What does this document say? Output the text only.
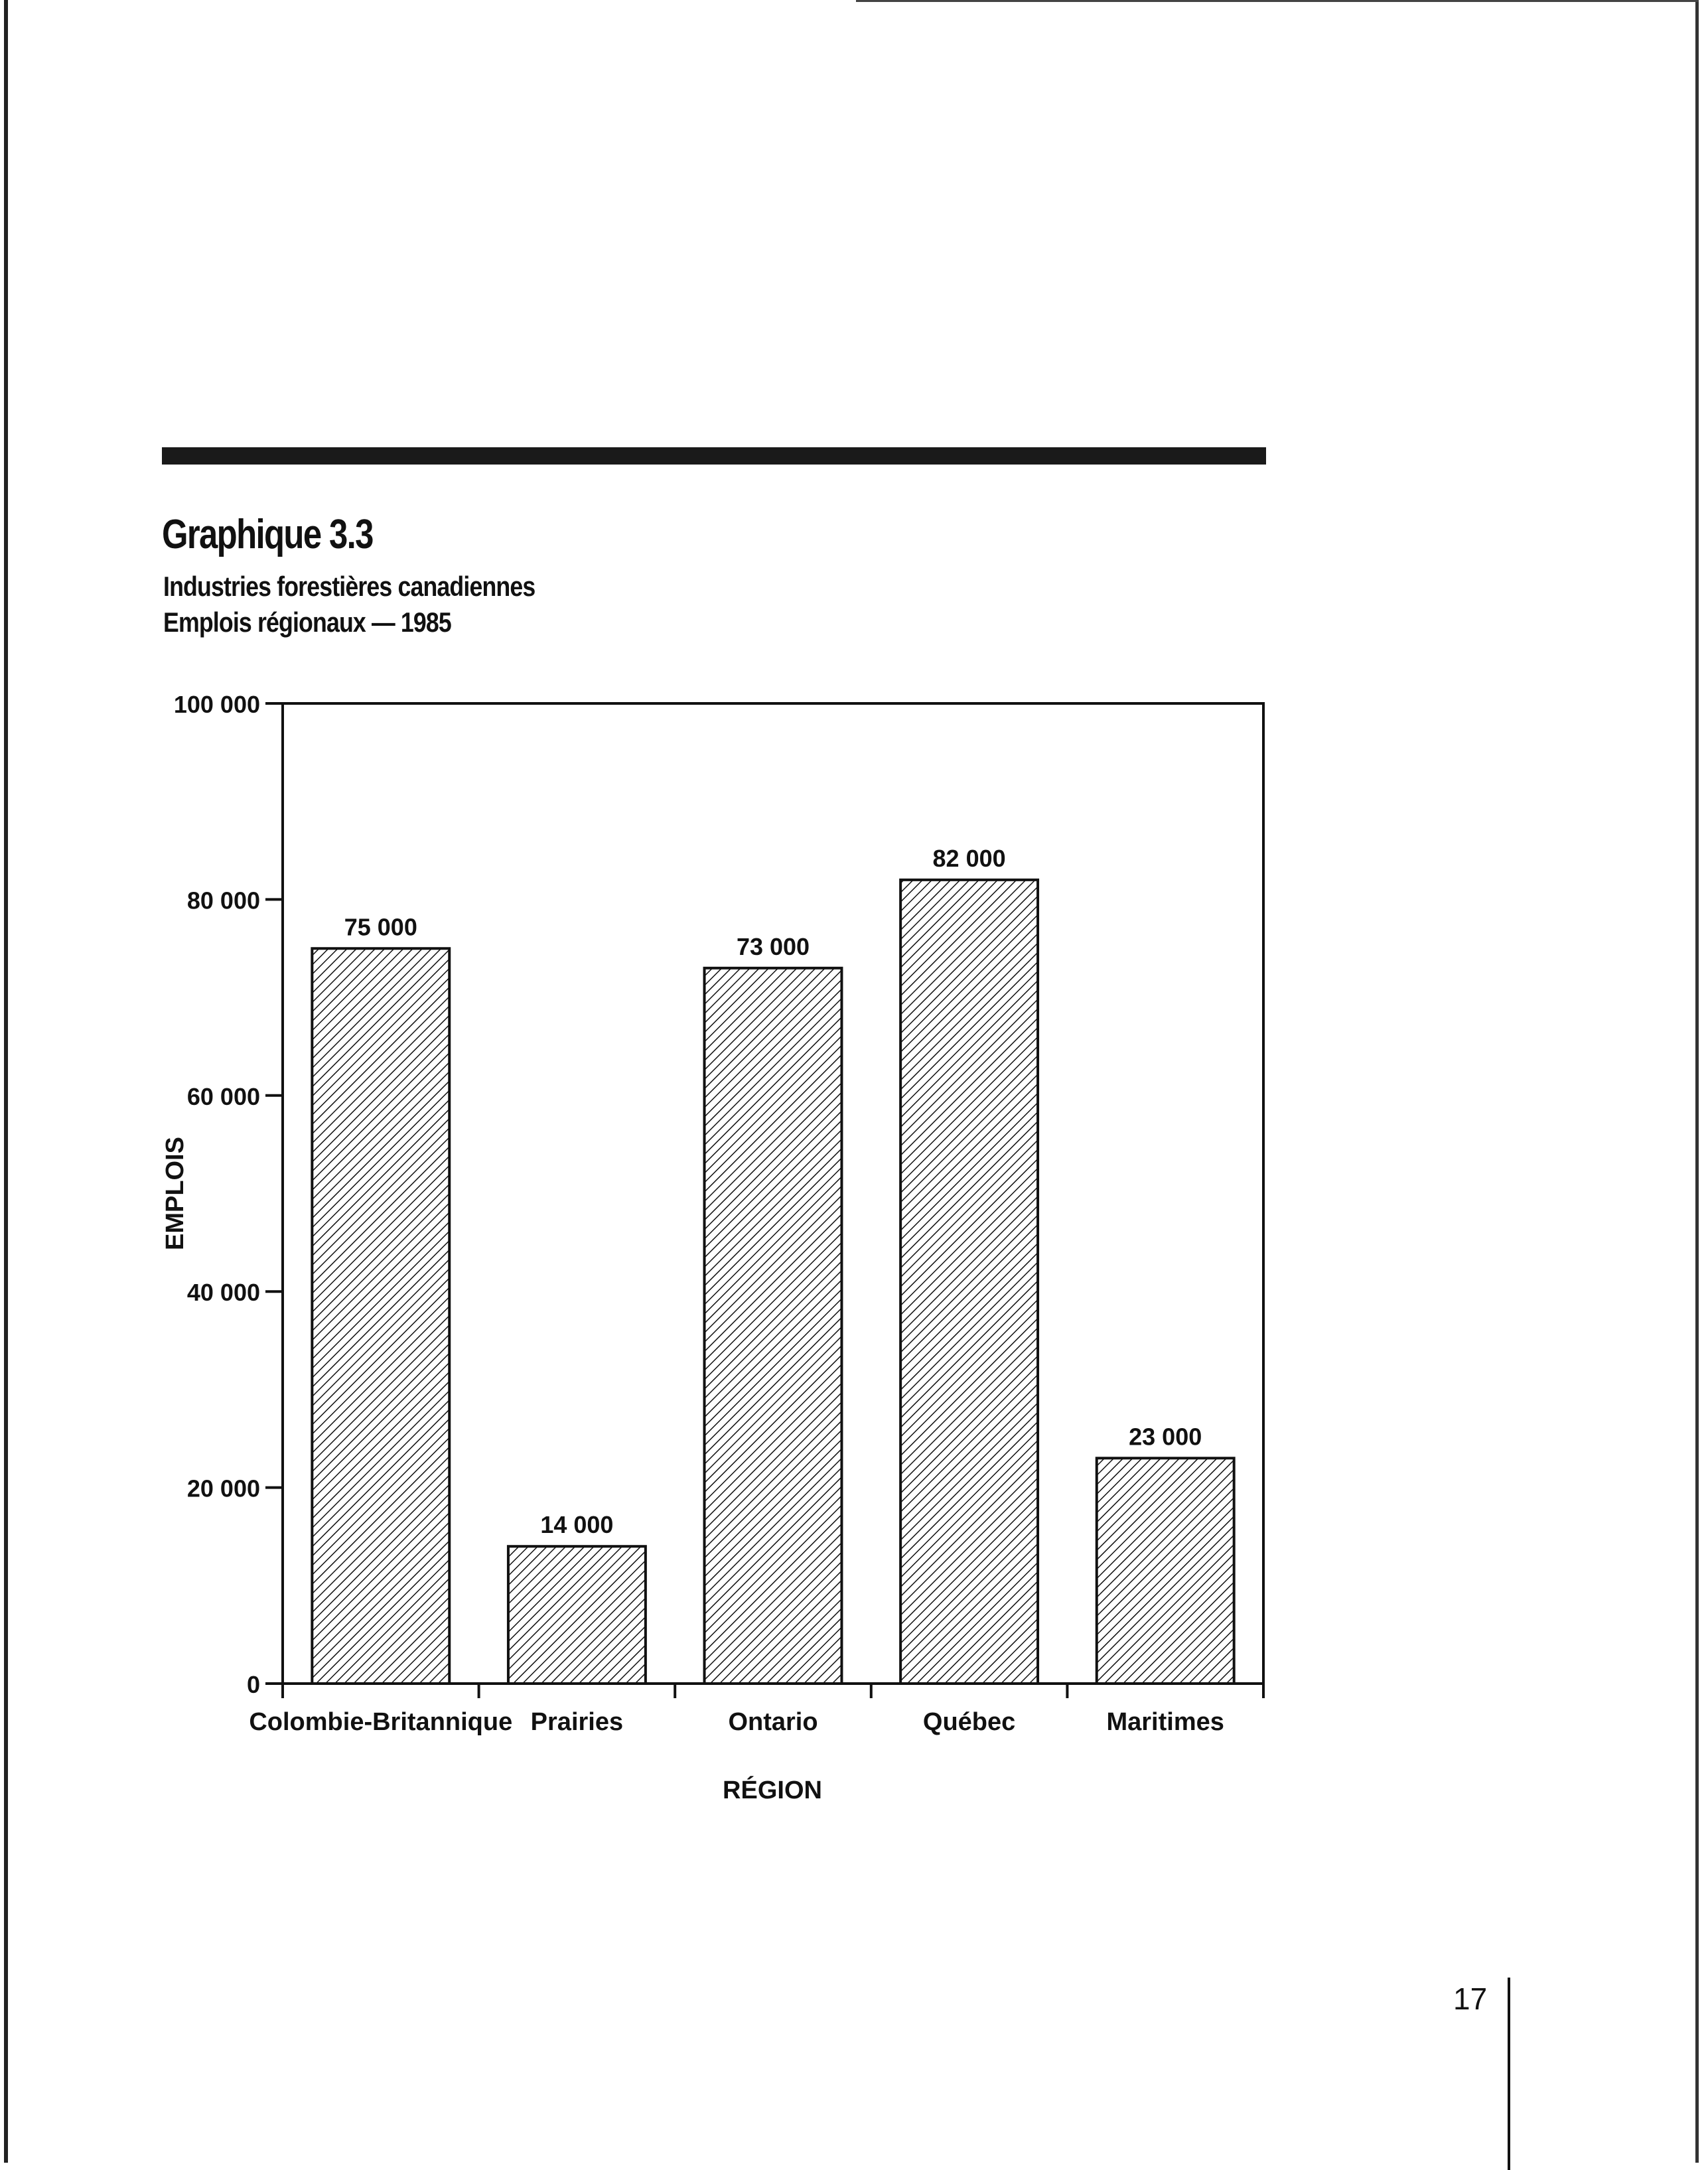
Graphique 3.3
Industries forestières canadiennes
Emplois régionaux — 1985
0
20 000
40 000
60 000
80 000
100 000
75 000
Colombie-Britannique
14 000
Prairies
73 000
Ontario
82 000
Québec
23 000
Maritimes
RÉGION
EMPLOIS
17
